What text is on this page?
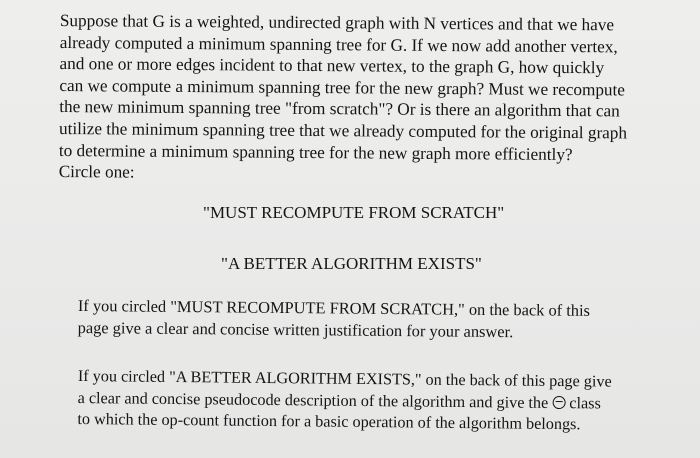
Suppose that G is a weighted, undirected graph with N vertices and that we have
already computed a minimum spanning tree for G. If we now add another vertex,
and one or more edges incident to that new vertex, to the graph G, how quickly
can we compute a minimum spanning tree for the new graph? Must we recompute
the new minimum spanning tree "from scratch"? Or is there an algorithm that can
utilize the minimum spanning tree that we already computed for the original graph
to determine a minimum spanning tree for the new graph more efficiently?
Circle one:
"MUST RECOMPUTE FROM SCRATCH"
"A BETTER ALGORITHM EXISTS"
If you circled "MUST RECOMPUTE FROM SCRATCH," on the back of this
page give a clear and concise written justification for your answer.
If you circled "A BETTER ALGORITHM EXISTS," on the back of this page give
a clear and concise pseudocode description of the algorithm and give the  class
to which the op-count function for a basic operation of the algorithm belongs.
